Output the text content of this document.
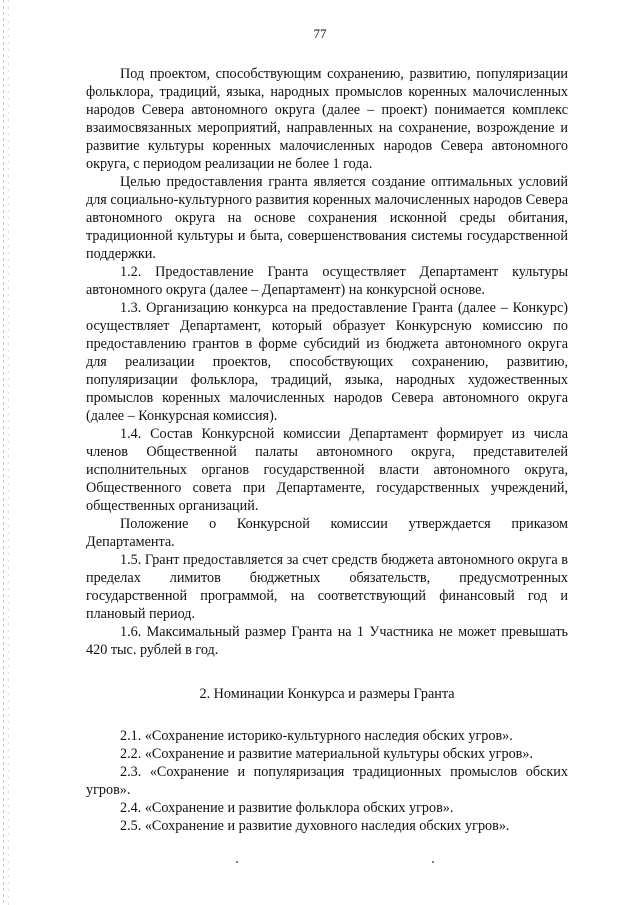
77

Под проектом, способствующим сохранению, развитию, популяризации фольклора, традиций, языка, народных промыслов коренных малочисленных народов Севера автономного округа (далее – проект) понимается комплекс взаимосвязанных мероприятий, направленных на сохранение, возрождение и развитие культуры коренных малочисленных народов Севера автономного округа, с периодом реализации не более 1 года.

Целью предоставления гранта является создание оптимальных условий для социально-культурного развития коренных малочисленных народов Севера автономного округа на основе сохранения исконной среды обитания, традиционной культуры и быта, совершенствования системы государственной поддержки.

1.2. Предоставление Гранта осуществляет Департамент культуры автономного округа (далее – Департамент) на конкурсной основе.

1.3. Организацию конкурса на предоставление Гранта (далее – Конкурс) осуществляет Департамент, который образует Конкурсную комиссию по предоставлению грантов в форме субсидий из бюджета автономного округа для реализации проектов, способствующих сохранению, развитию, популяризации фольклора, традиций, языка, народных художественных промыслов коренных малочисленных народов Севера автономного округа (далее – Конкурсная комиссия).

1.4. Состав Конкурсной комиссии Департамент формирует из числа членов Общественной палаты автономного округа, представителей исполнительных органов государственной власти автономного округа, Общественного совета при Департаменте, государственных учреждений, общественных организаций.

Положение о Конкурсной комиссии утверждается приказом Департамента.

1.5. Грант предоставляется за счет средств бюджета автономного округа в пределах лимитов бюджетных обязательств, предусмотренных государственной программой, на соответствующий финансовый год и плановый период.

1.6. Максимальный размер Гранта на 1 Участника не может превышать 420 тыс. рублей в год.

2. Номинации Конкурса и размеры Гранта

2.1. «Сохранение историко-культурного наследия обских угров».

2.2. «Сохранение и развитие материальной культуры обских угров».

2.3. «Сохранение и популяризация традиционных промыслов обских угров».

2.4. «Сохранение и развитие фольклора обских угров».

2.5. «Сохранение и развитие духовного наследия обских угров».
